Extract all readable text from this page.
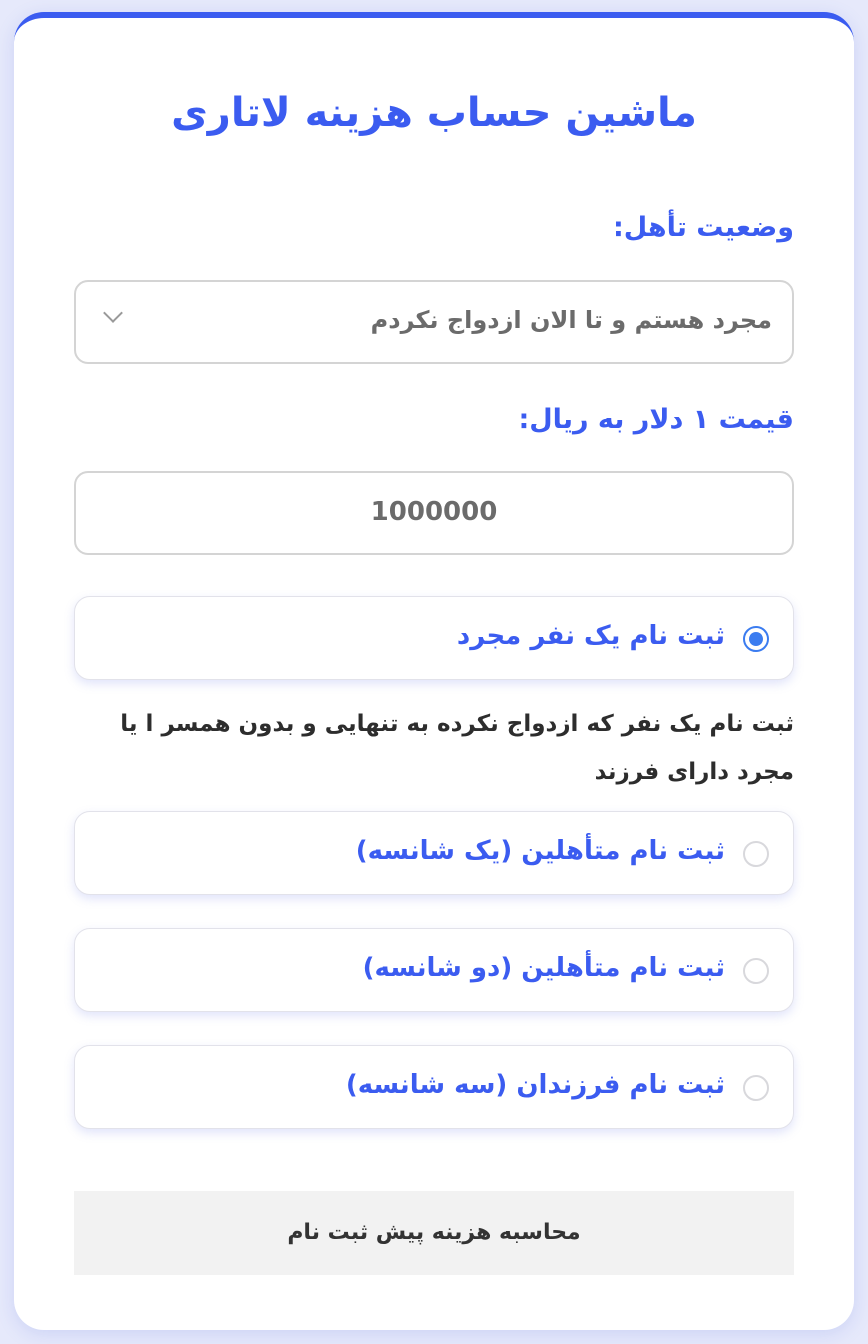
ماشین حساب هزینه لاتاری
وضعیت تأهل:
مجرد هستم و تا الان ازدواج نکردم
قیمت ۱ دلار به ریال:
1000000
ثبت نام یک نفر مجرد
ثبت نام یک نفر که ازدواج نکرده به تنهایی و بدون همسر ا یا مجرد دارای فرزند
ثبت نام متأهلین (یک شانسه)
ثبت نام متأهلین (دو شانسه)
ثبت نام فرزندان (سه شانسه)
محاسبه هزینه پیش ثبت نام
